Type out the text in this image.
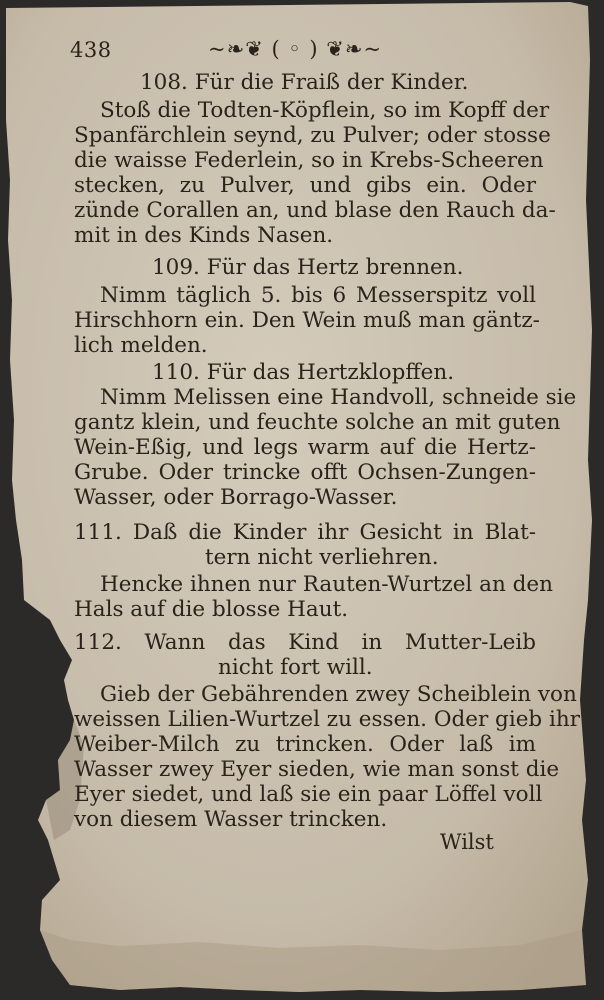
438	~❧❦ ( ◦ ) ❦❧~
108. Für die Fraiß der Kinder.
Stoß die Todten-Köpflein, so im Kopff der
Spanfärchlein seynd, zu Pulver; oder stosse
die waisse Federlein, so in Krebs-Scheeren
stecken, zu Pulver, und gibs ein. Oder
zünde Corallen an, und blase den Rauch da-
mit in des Kinds Nasen.
109. Für das Hertz brennen.
Nimm täglich 5. bis 6 Messerspitz voll
Hirschhorn ein. Den Wein muß man gäntz-
lich melden.
110. Für das Hertzklopffen.
Nimm Melissen eine Handvoll, schneide sie
gantz klein, und feuchte solche an mit guten
Wein-Eßig, und legs warm auf die Hertz-
Grube. Oder trincke offt Ochsen-Zungen-
Wasser, oder Borrago-Wasser.
111. Daß die Kinder ihr Gesicht in Blat-
tern nicht verliehren.
Hencke ihnen nur Rauten-Wurtzel an den
Hals auf die blosse Haut.
112. Wann das Kind in Mutter-Leib
nicht fort will.
Gieb der Gebährenden zwey Scheiblein von
weissen Lilien-Wurtzel zu essen. Oder gieb ihr
Weiber-Milch zu trincken. Oder laß im
Wasser zwey Eyer sieden, wie man sonst die
Eyer siedet, und laß sie ein paar Löffel voll
von diesem Wasser trincken.
Wilst
